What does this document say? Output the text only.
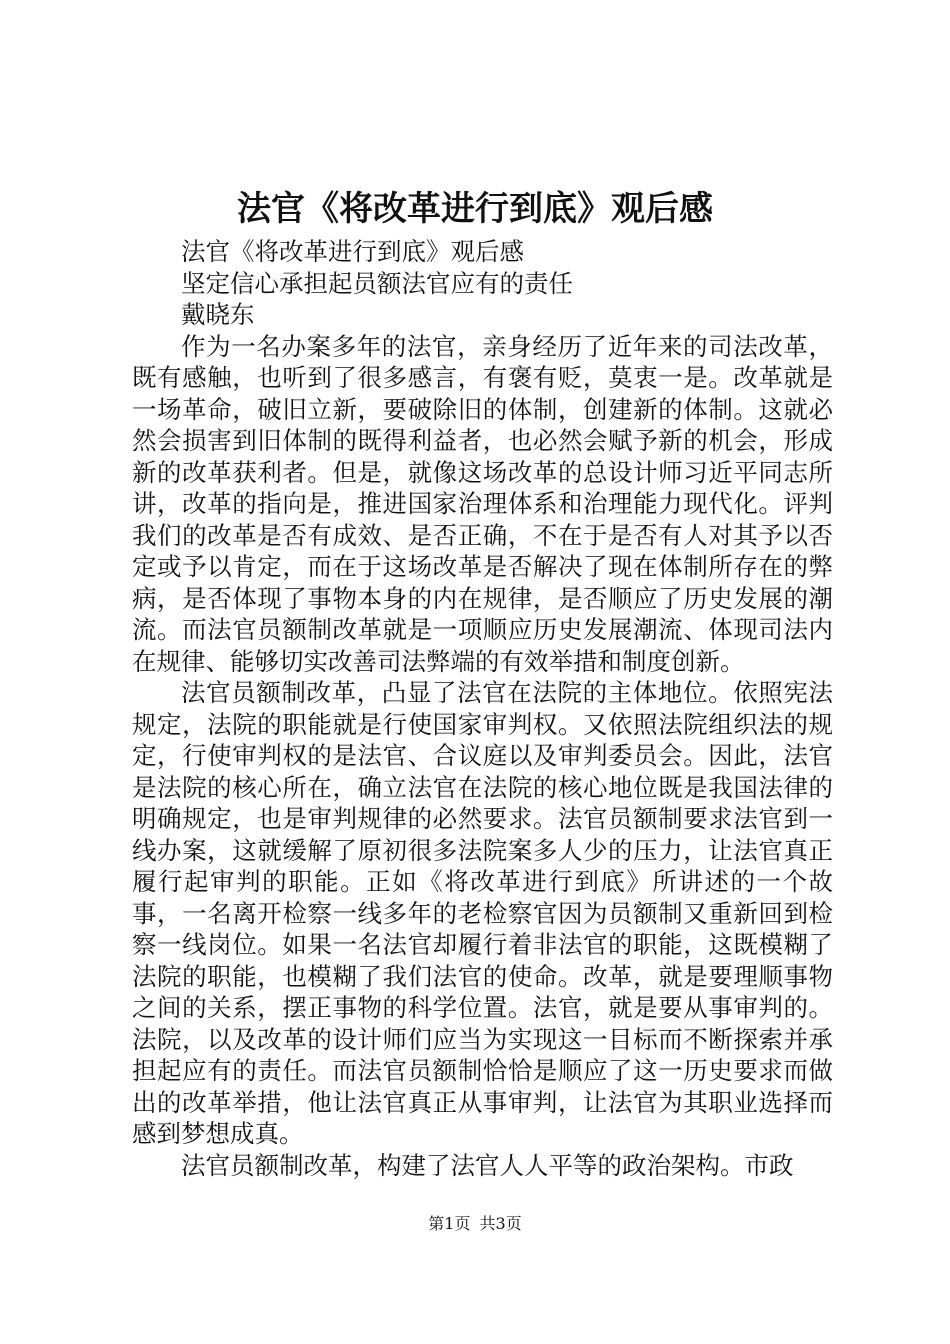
法官《将改革进行到底》观后感

法官《将改革进行到底》观后感

坚定信心承担起员额法官应有的责任

戴晓东

作为一名办案多年的法官，亲身经历了近年来的司法改革，既有感触，也听到了很多感言，有褒有贬，莫衷一是。改革就是一场革命，破旧立新，要破除旧的体制，创建新的体制。这就必然会损害到旧体制的既得利益者，也必然会赋予新的机会，形成新的改革获利者。但是，就像这场改革的总设计师习近平同志所讲，改革的指向是，推进国家治理体系和治理能力现代化。评判我们的改革是否有成效、是否正确，不在于是否有人对其予以否定或予以肯定，而在于这场改革是否解决了现在体制所存在的弊病，是否体现了事物本身的内在规律，是否顺应了历史发展的潮流。而法官员额制改革就是一项顺应历史发展潮流、体现司法内在规律、能够切实改善司法弊端的有效举措和制度创新。

法官员额制改革，凸显了法官在法院的主体地位。依照宪法规定，法院的职能就是行使国家审判权。又依照法院组织法的规定，行使审判权的是法官、合议庭以及审判委员会。因此，法官是法院的核心所在，确立法官在法院的核心地位既是我国法律的明确规定，也是审判规律的必然要求。法官员额制要求法官到一线办案，这就缓解了原初很多法院案多人少的压力，让法官真正履行起审判的职能。正如《将改革进行到底》所讲述的一个故事，一名离开检察一线多年的老检察官因为员额制又重新回到检察一线岗位。如果一名法官却履行着非法官的职能，这既模糊了法院的职能，也模糊了我们法官的使命。改革，就是要理顺事物之间的关系，摆正事物的科学位置。法官，就是要从事审判的。法院，以及改革的设计师们应当为实现这一目标而不断探索并承担起应有的责任。而法官员额制恰恰是顺应了这一历史要求而做出的改革举措，他让法官真正从事审判，让法官为其职业选择而感到梦想成真。

法官员额制改革，构建了法官人人平等的政治架构。市政

第1页 共3页
